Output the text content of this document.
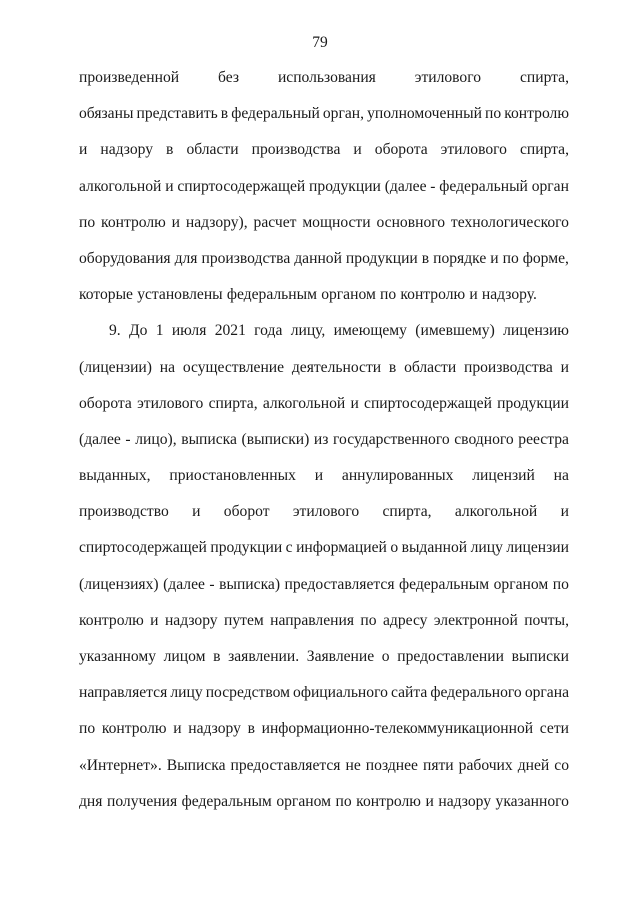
79
произведенной без использования этилового спирта,
обязаны представить в федеральный орган, уполномоченный по контролю
и надзору в области производства и оборота этилового спирта,
алкогольной и спиртосодержащей продукции (далее - федеральный орган
по контролю и надзору), расчет мощности основного технологического
оборудования для производства данной продукции в порядке и по форме,
которые установлены федеральным органом по контролю и надзору.
9. До 1 июля 2021 года лицу, имеющему (имевшему) лицензию
(лицензии) на осуществление деятельности в области производства и
оборота этилового спирта, алкогольной и спиртосодержащей продукции
(далее - лицо), выписка (выписки) из государственного сводного реестра
выданных, приостановленных и аннулированных лицензий на
производство и оборот этилового спирта, алкогольной и
спиртосодержащей продукции с информацией о выданной лицу лицензии
(лицензиях) (далее - выписка) предоставляется федеральным органом по
контролю и надзору путем направления по адресу электронной почты,
указанному лицом в заявлении. Заявление о предоставлении выписки
направляется лицу посредством официального сайта федерального органа
по контролю и надзору в информационно-телекоммуникационной сети
«Интернет». Выписка предоставляется не позднее пяти рабочих дней со
дня получения федеральным органом по контролю и надзору указанного
